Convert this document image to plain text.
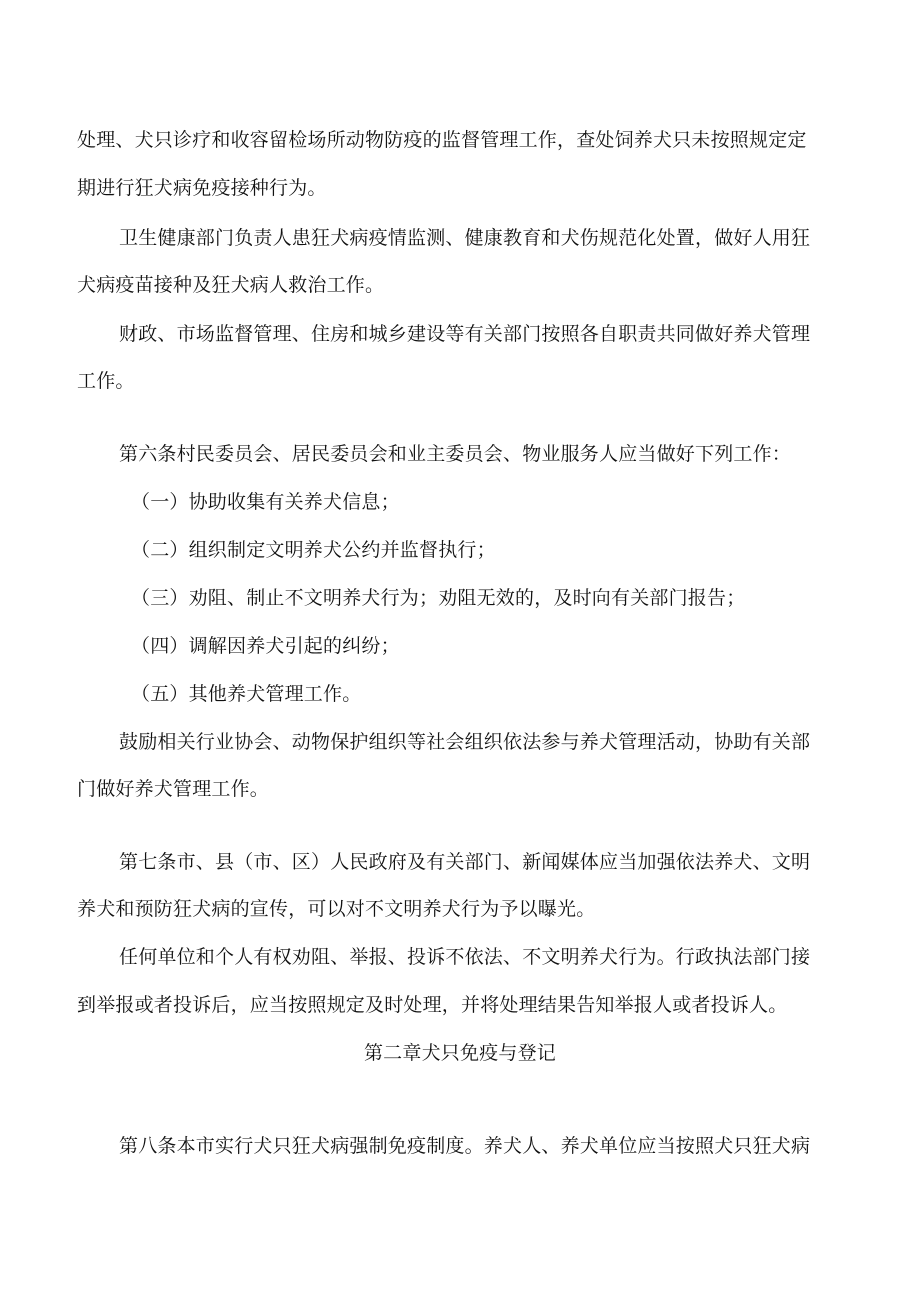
处理、犬只诊疗和收容留检场所动物防疫的监督管理工作，查处饲养犬只未按照规定定
期进行狂犬病免疫接种行为。
卫生健康部门负责人患狂犬病疫情监测、健康教育和犬伤规范化处置，做好人用狂
犬病疫苗接种及狂犬病人救治工作。
财政、市场监督管理、住房和城乡建设等有关部门按照各自职责共同做好养犬管理
工作。
第六条村民委员会、居民委员会和业主委员会、物业服务人应当做好下列工作：
（一）协助收集有关养犬信息；
（二）组织制定文明养犬公约并监督执行；
（三）劝阻、制止不文明养犬行为；劝阻无效的，及时向有关部门报告；
（四）调解因养犬引起的纠纷；
（五）其他养犬管理工作。
鼓励相关行业协会、动物保护组织等社会组织依法参与养犬管理活动，协助有关部
门做好养犬管理工作。
第七条市、县（市、区）人民政府及有关部门、新闻媒体应当加强依法养犬、文明
养犬和预防狂犬病的宣传，可以对不文明养犬行为予以曝光。
任何单位和个人有权劝阻、举报、投诉不依法、不文明养犬行为。行政执法部门接
到举报或者投诉后，应当按照规定及时处理，并将处理结果告知举报人或者投诉人。
第二章犬只免疫与登记
第八条本市实行犬只狂犬病强制免疫制度。养犬人、养犬单位应当按照犬只狂犬病
